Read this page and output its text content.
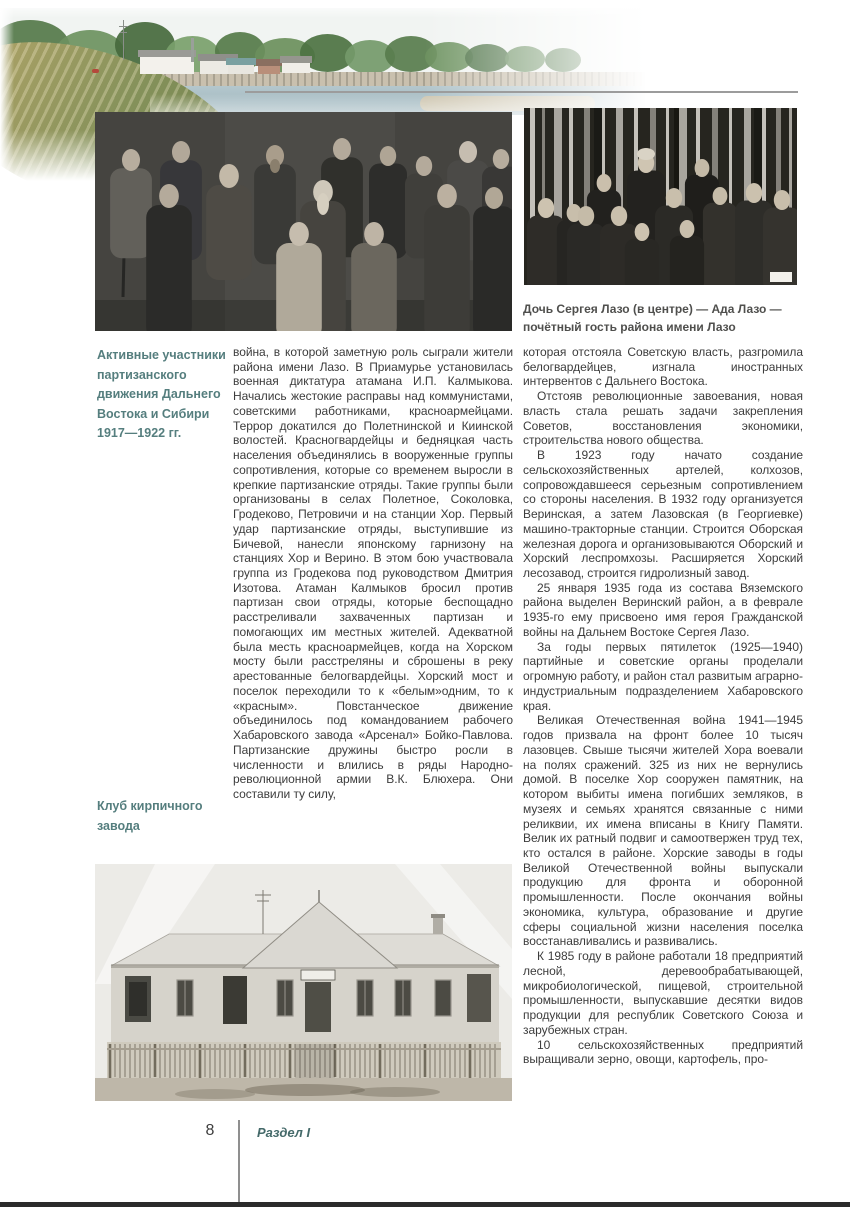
Активные участники партизанского движения Дальнего Востока и Сибири 1917—1922 гг.
Дочь Сергея Лазо (в центре) — Ада Лазо — почётный гость района имени Лазо
Клуб кирпичного завода

война, в которой заметную роль сыграли жители района имени Лазо. В Приамурье установилась военная диктатура атамана И.П. Калмыкова. Начались жестокие расправы над коммунистами, советскими работниками, красноармейцами. Террор докатился до Полетнинской и Киинской волостей. Красногвардейцы и бедняцкая часть населения объединялись в вооруженные группы сопротивления, которые со временем выросли в крепкие партизанские отряды. Такие группы были организованы в селах Полетное, Соколовка, Гродеково, Петровичи и на станции Хор. Первый удар партизанские отряды, выступившие из Бичевой, нанесли японскому гарнизону на станциях Хор и Верино. В этом бою участвовала группа из Гродекова под руководством Дмитрия Изотова. Атаман Калмыков бросил против партизан свои отряды, которые беспощадно расстреливали захваченных партизан и помогающих им местных жителей. Адекватной была месть красноармейцев, когда на Хорском мосту были расстреляны и сброшены в реку арестованные белогвардейцы. Хорский мост и поселок переходили то к «белым»одним, то к «красным». Повстанческое движение объединилось под командованием рабочего Хабаровского завода «Арсенал» Бойко-Павлова. Партизанские дружины быстро росли в численности и влились в ряды Народно-революционной армии В.К. Блюхера. Они составили ту силу,

которая отстояла Советскую власть, разгромила белогвардейцев, изгнала иностранных интервентов с Дальнего Востока.

Отстояв революционные завоевания, новая власть стала решать задачи закрепления Советов, восстановления экономики, строительства нового общества.

В 1923 году начато создание сельскохозяйственных артелей, колхозов, сопровождавшееся серьезным сопротивлением со стороны населения. В 1932 году организуется Веринская, а затем Лазовская (в Георгиевке) машино-тракторные станции. Строится Оборская железная дорога и организовываются Оборский и Хорский леспромхозы. Расширяется Хорский лесозавод, строится гидролизный завод.

25 января 1935 года из состава Вяземского района выделен Веринский район, а в феврале 1935-го ему присвоено имя героя Гражданской войны на Дальнем Востоке Сергея Лазо.

За годы первых пятилеток (1925—1940) партийные и советские органы проделали огромную работу, и район стал развитым аграрно-индустриальным подразделением Хабаровского края.

Великая Отечественная война 1941—1945 годов призвала на фронт более 10 тысяч лазовцев. Свыше тысячи жителей Хора воевали на полях сражений. 325 из них не вернулись домой. В поселке Хор сооружен памятник, на котором выбиты имена погибших земляков, в музеях и семьях хранятся связанные с ними реликвии, их имена вписаны в Книгу Памяти. Велик их ратный подвиг и самоотвержен труд тех, кто остался в районе. Хорские заводы в годы Великой Отечественной войны выпускали продукцию для фронта и оборонной промышленности. После окончания войны экономика, культура, образование и другие сферы социальной жизни населения поселка восстанавливались и развивались.

К 1985 году в районе работали 18 предприятий лесной, деревообрабатывающей, микробиологической, пищевой, строительной промышленности, выпускавшие десятки видов продукции для республик Советского Союза и зарубежных стран.

10 сельскохозяйственных предприятий выращивали зерно, овощи, картофель, про-

8	Раздел I
